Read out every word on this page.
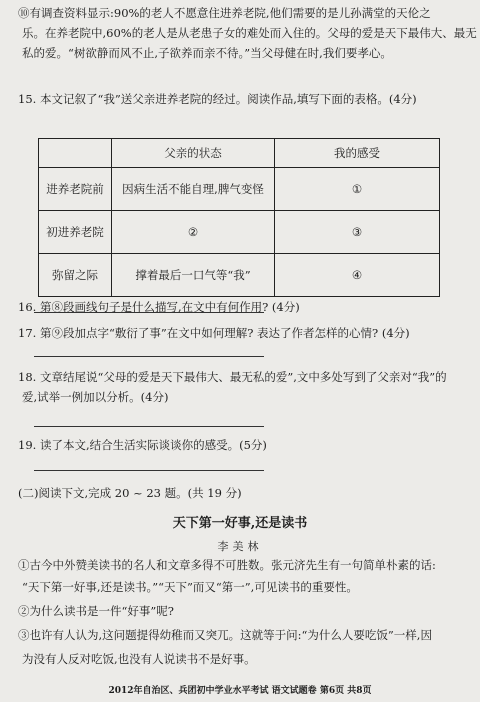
⑩有调查资料显示:90%的老人不愿意住进养老院,他们需要的是儿孙满堂的天伦之
乐。在养老院中,60%的老人是从老患子女的难处而入住的。父母的爱是天下最伟大、最无
私的爱。“树欲静而风不止,子欲养而亲不待。”当父母健在时,我们要孝心。
15. 本文记叙了“我”送父亲进养老院的经过。阅读作品,填写下面的表格。(4分)
	父亲的状态	我的感受
进养老院前	因病生活不能自理,脾气变怪	①
初进养老院	②	③
弥留之际	撑着最后一口气等“我”	④
16. 第⑧段画线句子是什么描写,在文中有何作用? (4分)
17. 第⑨段加点字“敷衍了事”在文中如何理解? 表达了作者怎样的心情? (4分)
18. 文章结尾说“父母的爱是天下最伟大、最无私的爱”,文中多处写到了父亲对“我”的
爱,试举一例加以分析。(4分)
19. 读了本文,结合生活实际谈谈你的感受。(5分)
(二)阅读下文,完成 20 ~ 23 题。(共 19 分)
天下第一好事,还是读书
李美林
①古今中外赞美读书的名人和文章多得不可胜数。张元济先生有一句简单朴素的话:
“天下第一好事,还是读书。”“天下”而又“第一”,可见读书的重要性。
②为什么读书是一件“好事”呢?
③也许有人认为,这问题提得幼稚而又突兀。这就等于问:“为什么人要吃饭”一样,因
为没有人反对吃饭,也没有人说读书不是好事。
2012年自治区、兵团初中学业水平考试 语文试题卷 第6页 共8页
